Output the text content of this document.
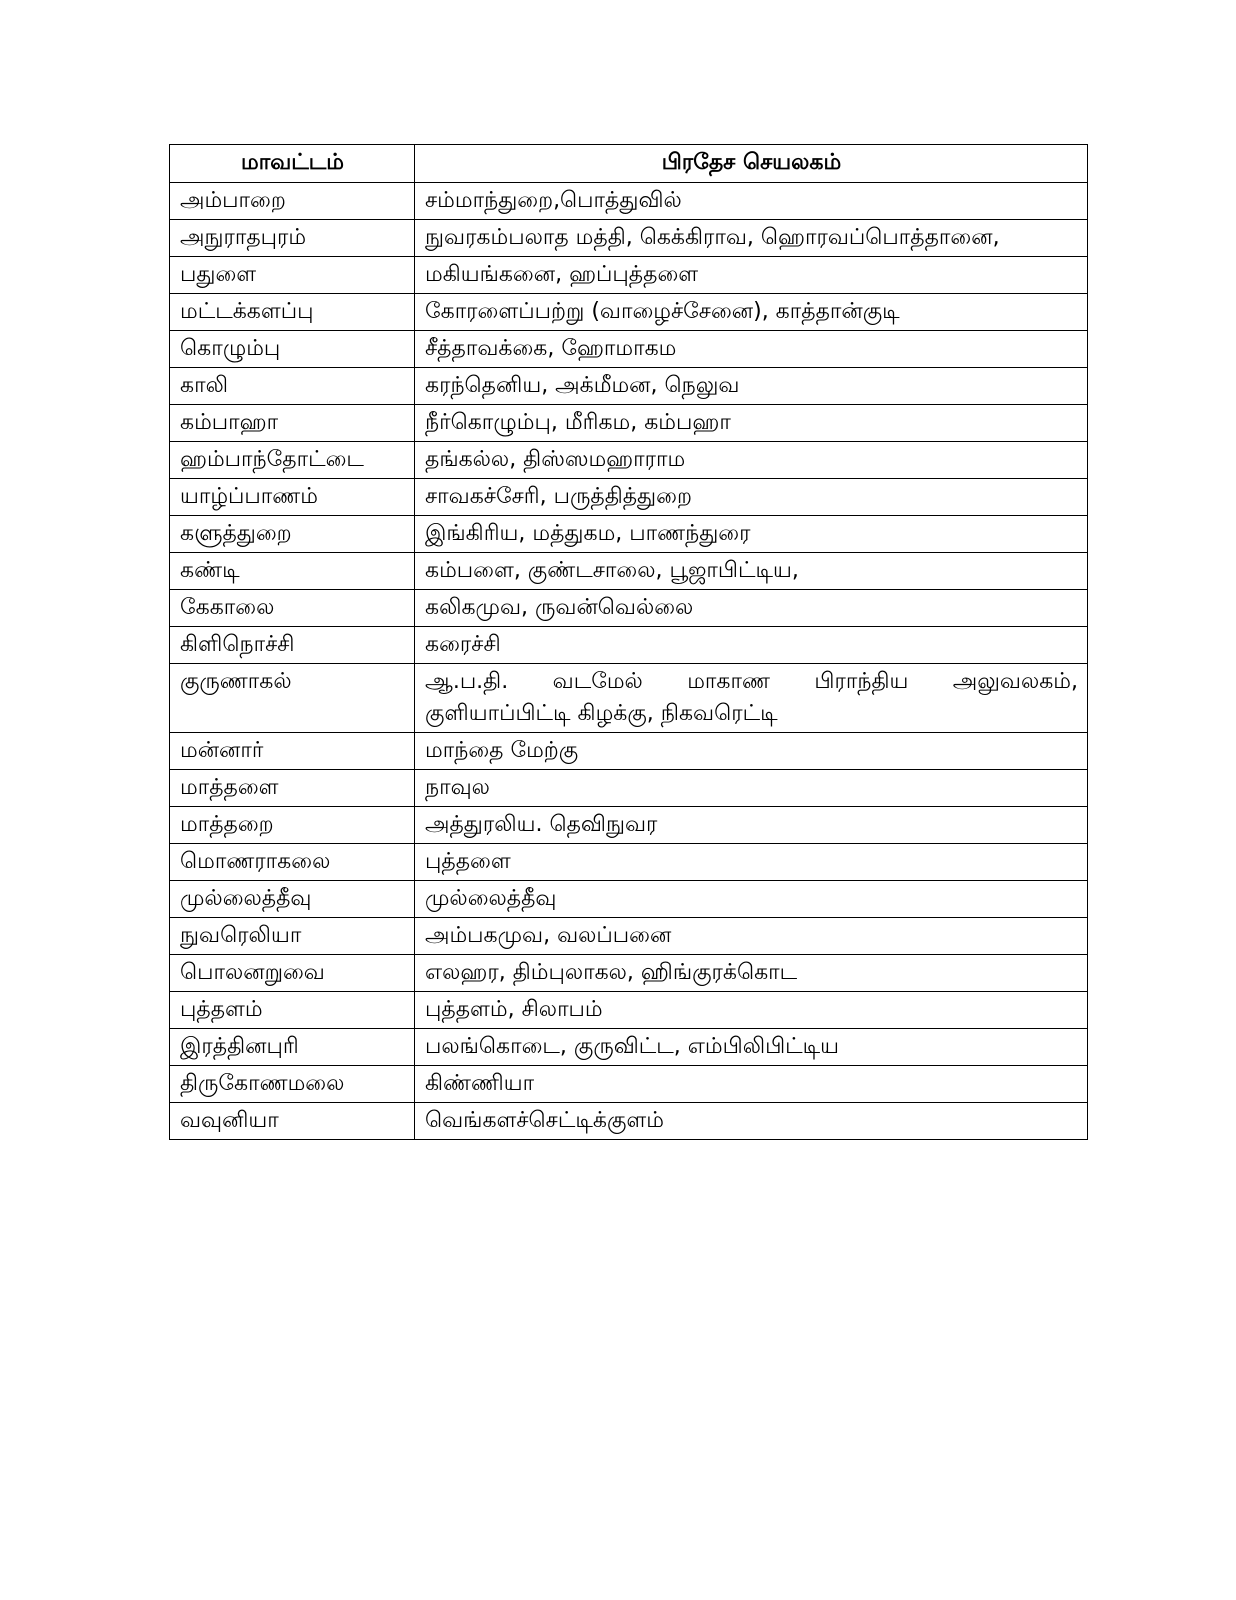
மாவட்டம்	பிரதேச செயலகம்
அம்பாறை	சம்மாந்துறை,பொத்துவில்
அநுராதபுரம்	நுவரகம்பலாத மத்தி, கெக்கிராவ, ஹொரவப்பொத்தானை,
பதுளை	மகியங்கனை, ஹப்புத்தளை
மட்டக்களப்பு	கோரளைப்பற்று (வாழைச்சேனை), காத்தான்குடி
கொழும்பு	சீத்தாவக்கை, ஹோமாகம
காலி	கரந்தெனிய, அக்மீமன, நெலுவ
கம்பாஹா	நீர்கொழும்பு, மீரிகம, கம்பஹா
ஹம்பாந்தோட்டை	தங்கல்ல, திஸ்ஸமஹாராம
யாழ்ப்பாணம்	சாவகச்சேரி, பருத்தித்துறை
களுத்துறை	இங்கிரிய, மத்துகம, பாணந்துரை
கண்டி	கம்பளை, குண்டசாலை, பூஜாபிட்டிய,
கேகாலை	கலிகமுவ, ருவன்வெல்லை
கிளிநொச்சி	கரைச்சி
குருணாகல்	ஆ.ப.தி. வடமேல் மாகாண பிராந்திய அலுவலகம், குளியாப்பிட்டி கிழக்கு, நிகவரெட்டி
மன்னார்	மாந்தை மேற்கு
மாத்தளை	நாவுல
மாத்தறை	அத்துரலிய. தெவிநுவர
மொணராகலை	புத்தளை
முல்லைத்தீவு	முல்லைத்தீவு
நுவரெலியா	அம்பகமுவ, வலப்பனை
பொலனறுவை	எலஹர, திம்புலாகல, ஹிங்குரக்கொட
புத்தளம்	புத்தளம், சிலாபம்
இரத்தினபுரி	பலங்கொடை, குருவிட்ட, எம்பிலிபிட்டிய
திருகோணமலை	கிண்ணியா
வவுனியா	வெங்களச்செட்டிக்குளம்
